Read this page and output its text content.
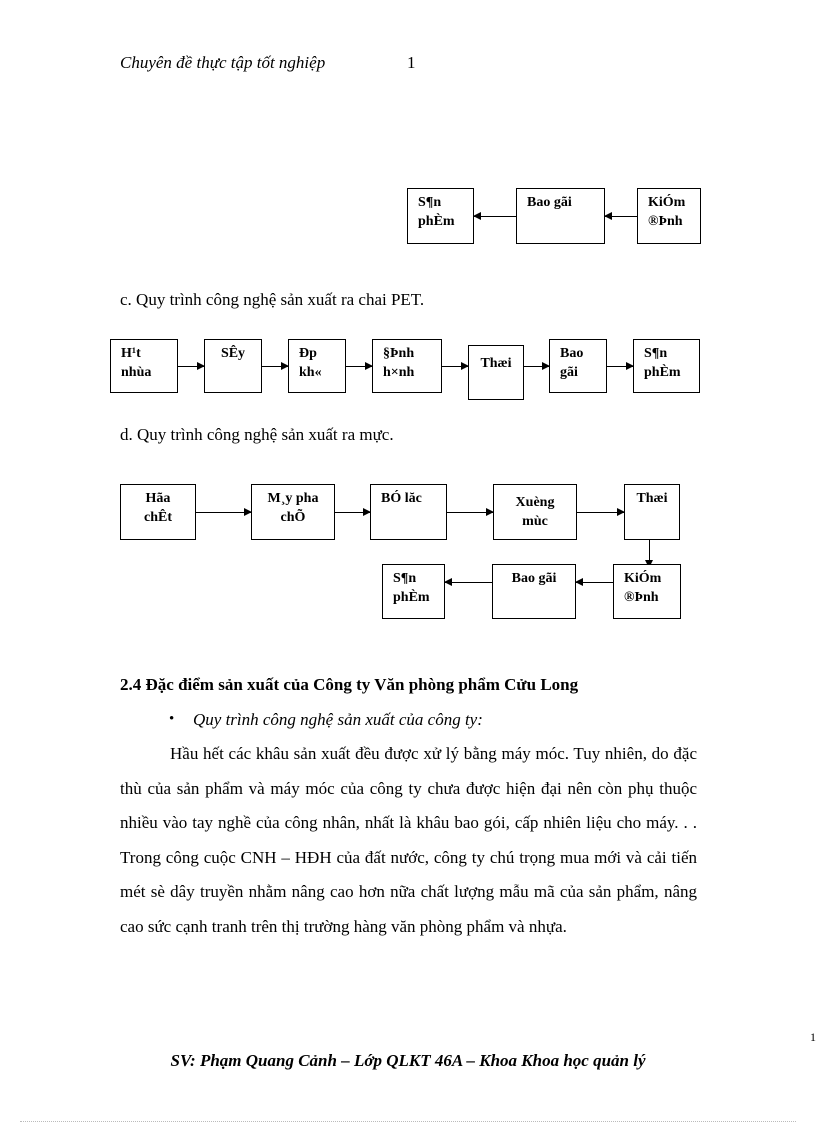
Chuyên đề thực tập tốt nghiệp	1
S¶n
phÈm
Bao gãi	KiÓm
®Þnh
c. Quy trình công nghệ sản xuất ra chai PET.
H¹t
nhùa
SÊy	Ðp
kh«
§Þnh
h×nh
Thæi
Bao
gãi
S¶n
phÈm
d. Quy trình công nghệ sản xuất ra mực.
Hãa
chÊt
M¸y pha
chÕ
BÓ lăc	Xuèng
mùc
Thæi
S¶n
phÈm
Bao gãi	KiÓm
®Þnh
2.4 Đặc điểm sản xuất của Công ty Văn phòng phẩm Cửu Long
• Quy trình công nghệ sản xuất của công ty:
Hầu hết các khâu sản xuất đều được xử lý bằng máy móc. Tuy nhiên, do đặc thù của sản phẩm và máy móc của công ty chưa được hiện đại nên còn phụ thuộc nhiều vào tay nghề của công nhân, nhất là khâu bao gói, cấp nhiên liệu cho máy. . . Trong công cuộc CNH – HĐH của đất nước, công ty chú trọng mua mới và cải tiến mét sè dây truyền nhằm nâng cao hơn nữa chất lượng mẫu mã của sản phẩm, nâng cao sức cạnh tranh trên thị trường hàng văn phòng phẩm và nhựa.
SV: Phạm Quang Cảnh – Lớp QLKT 46A – Khoa Khoa học quản lý
1
